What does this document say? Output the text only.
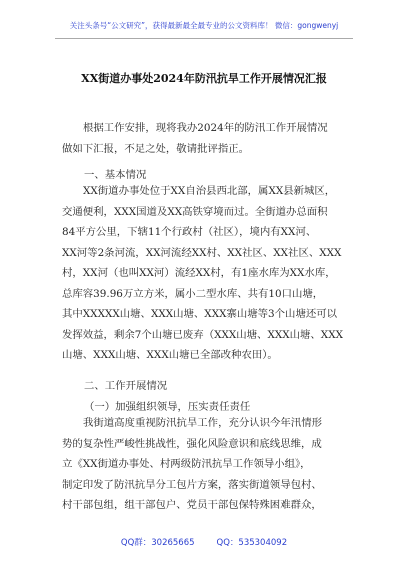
关注头条号“公文研究”，获得最新最全最专业的公文资料库！ 微信：gongwenyj
XX街道办事处2024年防汛抗旱工作开展情况汇报
根据工作安排，现将我办2024年的防汛工作开展情况
做如下汇报，不足之处，敬请批评指正。
一、基本情况
XX街道办事处位于XX自治县西北部，属XX县新城区，
交通便利，XXX国道及XX高铁穿境而过。全街道办总面积
84平方公里，下辖11个行政村（社区），境内有XX河、
XX河等2条河流，XX河流经XX村、XX社区、XX社区、XXX
村，XX河（也叫XX河）流经XX村，有1座水库为XX水库，
总库容39.96万立方米，属小二型水库、共有10口山塘，
其中XXXXX山塘、XXX山塘、XXX寨山塘等3个山塘还可以
发挥效益，剩余7个山塘已废弃（XXX山塘、XXX山塘、XXX
山塘、XXX山塘、XXX山塘已全部改种农田）。
二、工作开展情况
（一）加强组织领导，压实责任责任
我街道高度重视防汛抗旱工作，充分认识今年汛情形
势的复杂性严峻性挑战性，强化风险意识和底线思维，成
立《XX街道办事处、村两级防汛抗旱工作领导小组》，
制定印发了防汛抗旱分工包片方案，落实街道领导包村、
村干部包组，组干部包户、党员干部包保特殊困难群众，
QQ群：30265665	QQ：535304092
